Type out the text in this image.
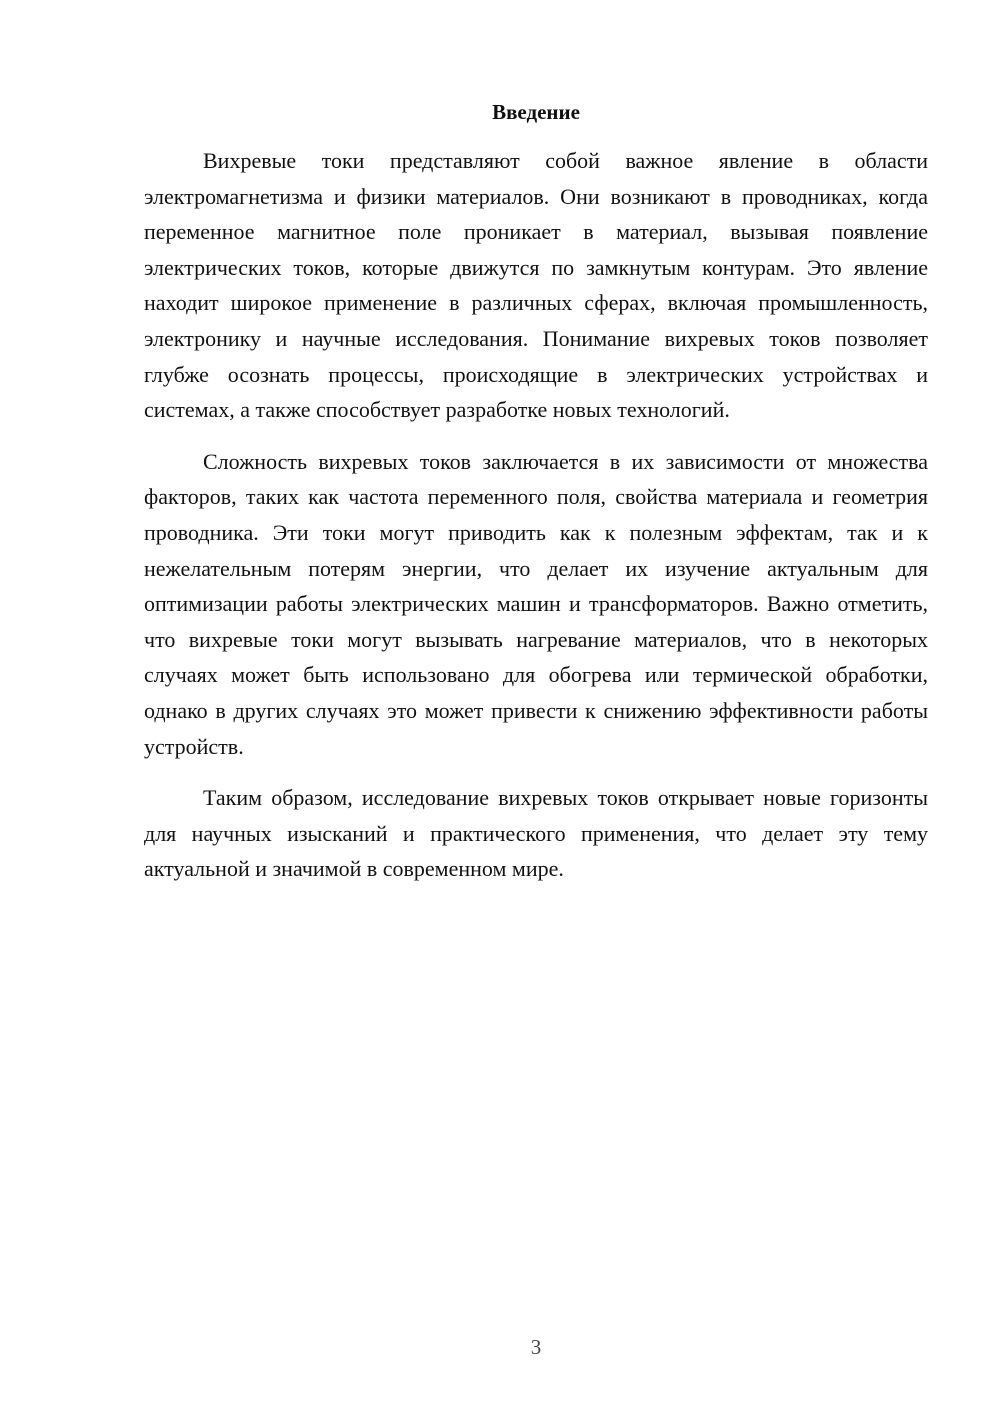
Введение

Вихревые токи представляют собой важное явление в области электромагнетизма и физики материалов. Они возникают в проводниках, когда переменное магнитное поле проникает в материал, вызывая появление электрических токов, которые движутся по замкнутым контурам. Это явление находит широкое применение в различных сферах, включая промышленность, электронику и научные исследования. Понимание вихревых токов позволяет глубже осознать процессы, происходящие в электрических устройствах и системах, а также способствует разработке новых технологий.

Сложность вихревых токов заключается в их зависимости от множества факторов, таких как частота переменного поля, свойства материала и геометрия проводника. Эти токи могут приводить как к полезным эффектам, так и к нежелательным потерям энергии, что делает их изучение актуальным для оптимизации работы электрических машин и трансформаторов. Важно отметить, что вихревые токи могут вызывать нагревание материалов, что в некоторых случаях может быть использовано для обогрева или термической обработки, однако в других случаях это может привести к снижению эффективности работы устройств.

Таким образом, исследование вихревых токов открывает новые горизонты для научных изысканий и практического применения, что делает эту тему актуальной и значимой в современном мире.

3
